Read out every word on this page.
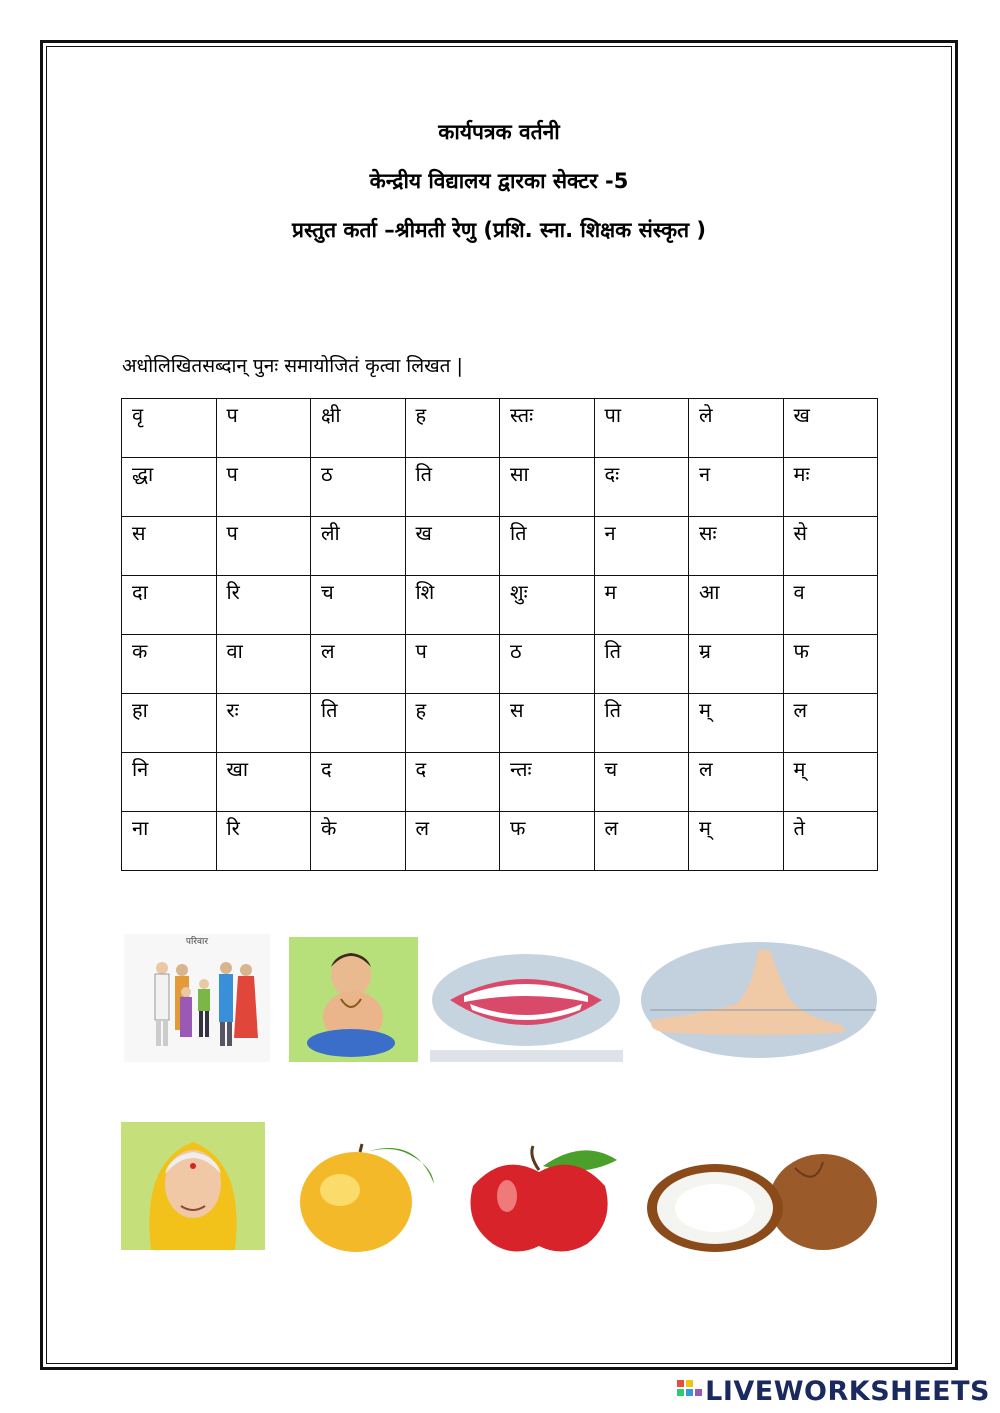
कार्यपत्रक वर्तनी
केन्द्रीय विद्यालय द्वारका सेक्टर -5
प्रस्तुत कर्ता –श्रीमती रेणु (प्रशि. स्ना. शिक्षक संस्कृत )
अधोलिखितसब्दान् पुनः समायोजितं कृत्वा लिखत |
वृ	प	क्षी	ह	स्तः	पा	ले	ख
द्धा	प	ठ	ति	सा	दः	न	मः
स	प	ली	ख	ति	न	सः	से
दा	रि	च	शि	शुः	म	आ	व
क	वा	ल	प	ठ	ति	म्र	फ
हा	रः	ति	ह	स	ति	म्	ल
नि	खा	द	द	न्तः	च	ल	म्
ना	रि	के	ल	फ	ल	म्	ते
परिवार
LIVEWORKSHEETS
